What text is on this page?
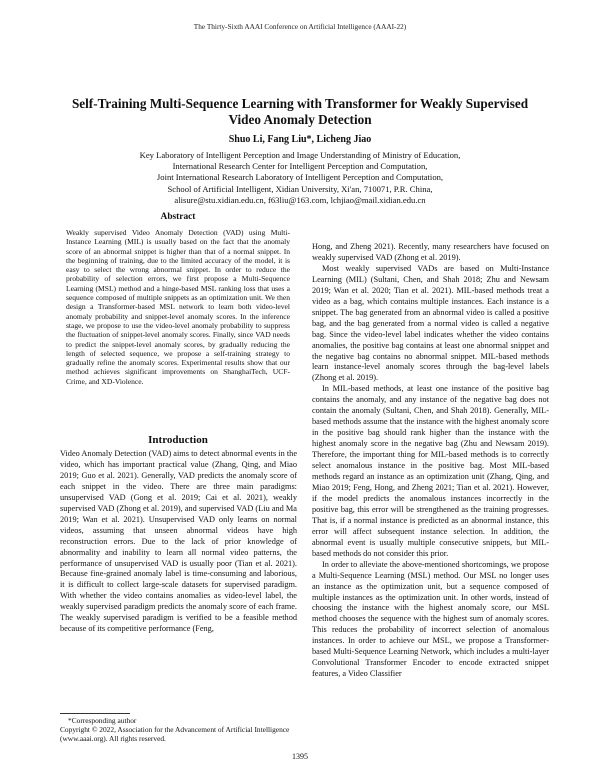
The Thirty-Sixth AAAI Conference on Artificial Intelligence (AAAI-22)
Self-Training Multi-Sequence Learning with Transformer for Weakly Supervised Video Anomaly Detection
Shuo Li, Fang Liu*, Licheng Jiao
Key Laboratory of Intelligent Perception and Image Understanding of Ministry of Education,
International Research Center for Intelligent Perception and Computation,
Joint International Research Laboratory of Intelligent Perception and Computation,
School of Artificial Intelligent, Xidian University, Xi'an, 710071, P.R. China,
alisure@stu.xidian.edu.cn, f63liu@163.com, lchjiao@mail.xidian.edu.cn
Abstract

Weakly supervised Video Anomaly Detection (VAD) using Multi-Instance Learning (MIL) is usually based on the fact that the anomaly score of an abnormal snippet is higher than that of a normal snippet. In the beginning of training, due to the limited accuracy of the model, it is easy to select the wrong abnormal snippet. In order to reduce the probability of selection errors, we first propose a Multi-Sequence Learning (MSL) method and a hinge-based MSL ranking loss that uses a sequence composed of multiple snippets as an optimization unit. We then design a Transformer-based MSL network to learn both video-level anomaly probability and snippet-level anomaly scores. In the inference stage, we propose to use the video-level anomaly probability to suppress the fluctuation of snippet-level anomaly scores. Finally, since VAD needs to predict the snippet-level anomaly scores, by gradually reducing the length of selected sequence, we propose a self-training strategy to gradually refine the anomaly scores. Experimental results show that our method achieves significant improvements on ShanghaiTech, UCF-Crime, and XD-Violence.

Introduction

Video Anomaly Detection (VAD) aims to detect abnormal events in the video, which has important practical value (Zhang, Qing, and Miao 2019; Guo et al. 2021). Generally, VAD predicts the anomaly score of each snippet in the video. There are three main paradigms: unsupervised VAD (Gong et al. 2019; Cai et al. 2021), weakly supervised VAD (Zhong et al. 2019), and supervised VAD (Liu and Ma 2019; Wan et al. 2021). Unsupervised VAD only learns on normal videos, assuming that unseen abnormal videos have high reconstruction errors. Due to the lack of prior knowledge of abnormality and inability to learn all normal video patterns, the performance of unsupervised VAD is usually poor (Tian et al. 2021). Because fine-grained anomaly label is time-consuming and laborious, it is difficult to collect large-scale datasets for supervised paradigm. With whether the video contains anomalies as video-level label, the weakly supervised paradigm predicts the anomaly score of each frame. The weakly supervised paradigm is verified to be a feasible method because of its competitive performance (Feng,

Hong, and Zheng 2021). Recently, many researchers have focused on weakly supervised VAD (Zhong et al. 2019).

Most weakly supervised VADs are based on Multi-Instance Learning (MIL) (Sultani, Chen, and Shah 2018; Zhu and Newsam 2019; Wan et al. 2020; Tian et al. 2021). MIL-based methods treat a video as a bag, which contains multiple instances. Each instance is a snippet. The bag generated from an abnormal video is called a positive bag, and the bag generated from a normal video is called a negative bag. Since the video-level label indicates whether the video contains anomalies, the positive bag contains at least one abnormal snippet and the negative bag contains no abnormal snippet. MIL-based methods learn instance-level anomaly scores through the bag-level labels (Zhong et al. 2019).

In MIL-based methods, at least one instance of the positive bag contains the anomaly, and any instance of the negative bag does not contain the anomaly (Sultani, Chen, and Shah 2018). Generally, MIL-based methods assume that the instance with the highest anomaly score in the positive bag should rank higher than the instance with the highest anomaly score in the negative bag (Zhu and Newsam 2019). Therefore, the important thing for MIL-based methods is to correctly select anomalous instance in the positive bag. Most MIL-based methods regard an instance as an optimization unit (Zhang, Qing, and Miao 2019; Feng, Hong, and Zheng 2021; Tian et al. 2021). However, if the model predicts the anomalous instances incorrectly in the positive bag, this error will be strengthened as the training progresses. That is, if a normal instance is predicted as an abnormal instance, this error will affect subsequent instance selection. In addition, the abnormal event is usually multiple consecutive snippets, but MIL-based methods do not consider this prior.

In order to alleviate the above-mentioned shortcomings, we propose a Multi-Sequence Learning (MSL) method. Our MSL no longer uses an instance as the optimization unit, but a sequence composed of multiple instances as the optimization unit. In other words, instead of choosing the instance with the highest anomaly score, our MSL method chooses the sequence with the highest sum of anomaly scores. This reduces the probability of incorrect selection of anomalous instances. In order to achieve our MSL, we propose a Transformer-based Multi-Sequence Learning Network, which includes a multi-layer Convolutional Transformer Encoder to encode extracted snippet features, a Video Classifier

*Corresponding author
Copyright © 2022, Association for the Advancement of Artificial Intelligence (www.aaai.org). All rights reserved.
1395
